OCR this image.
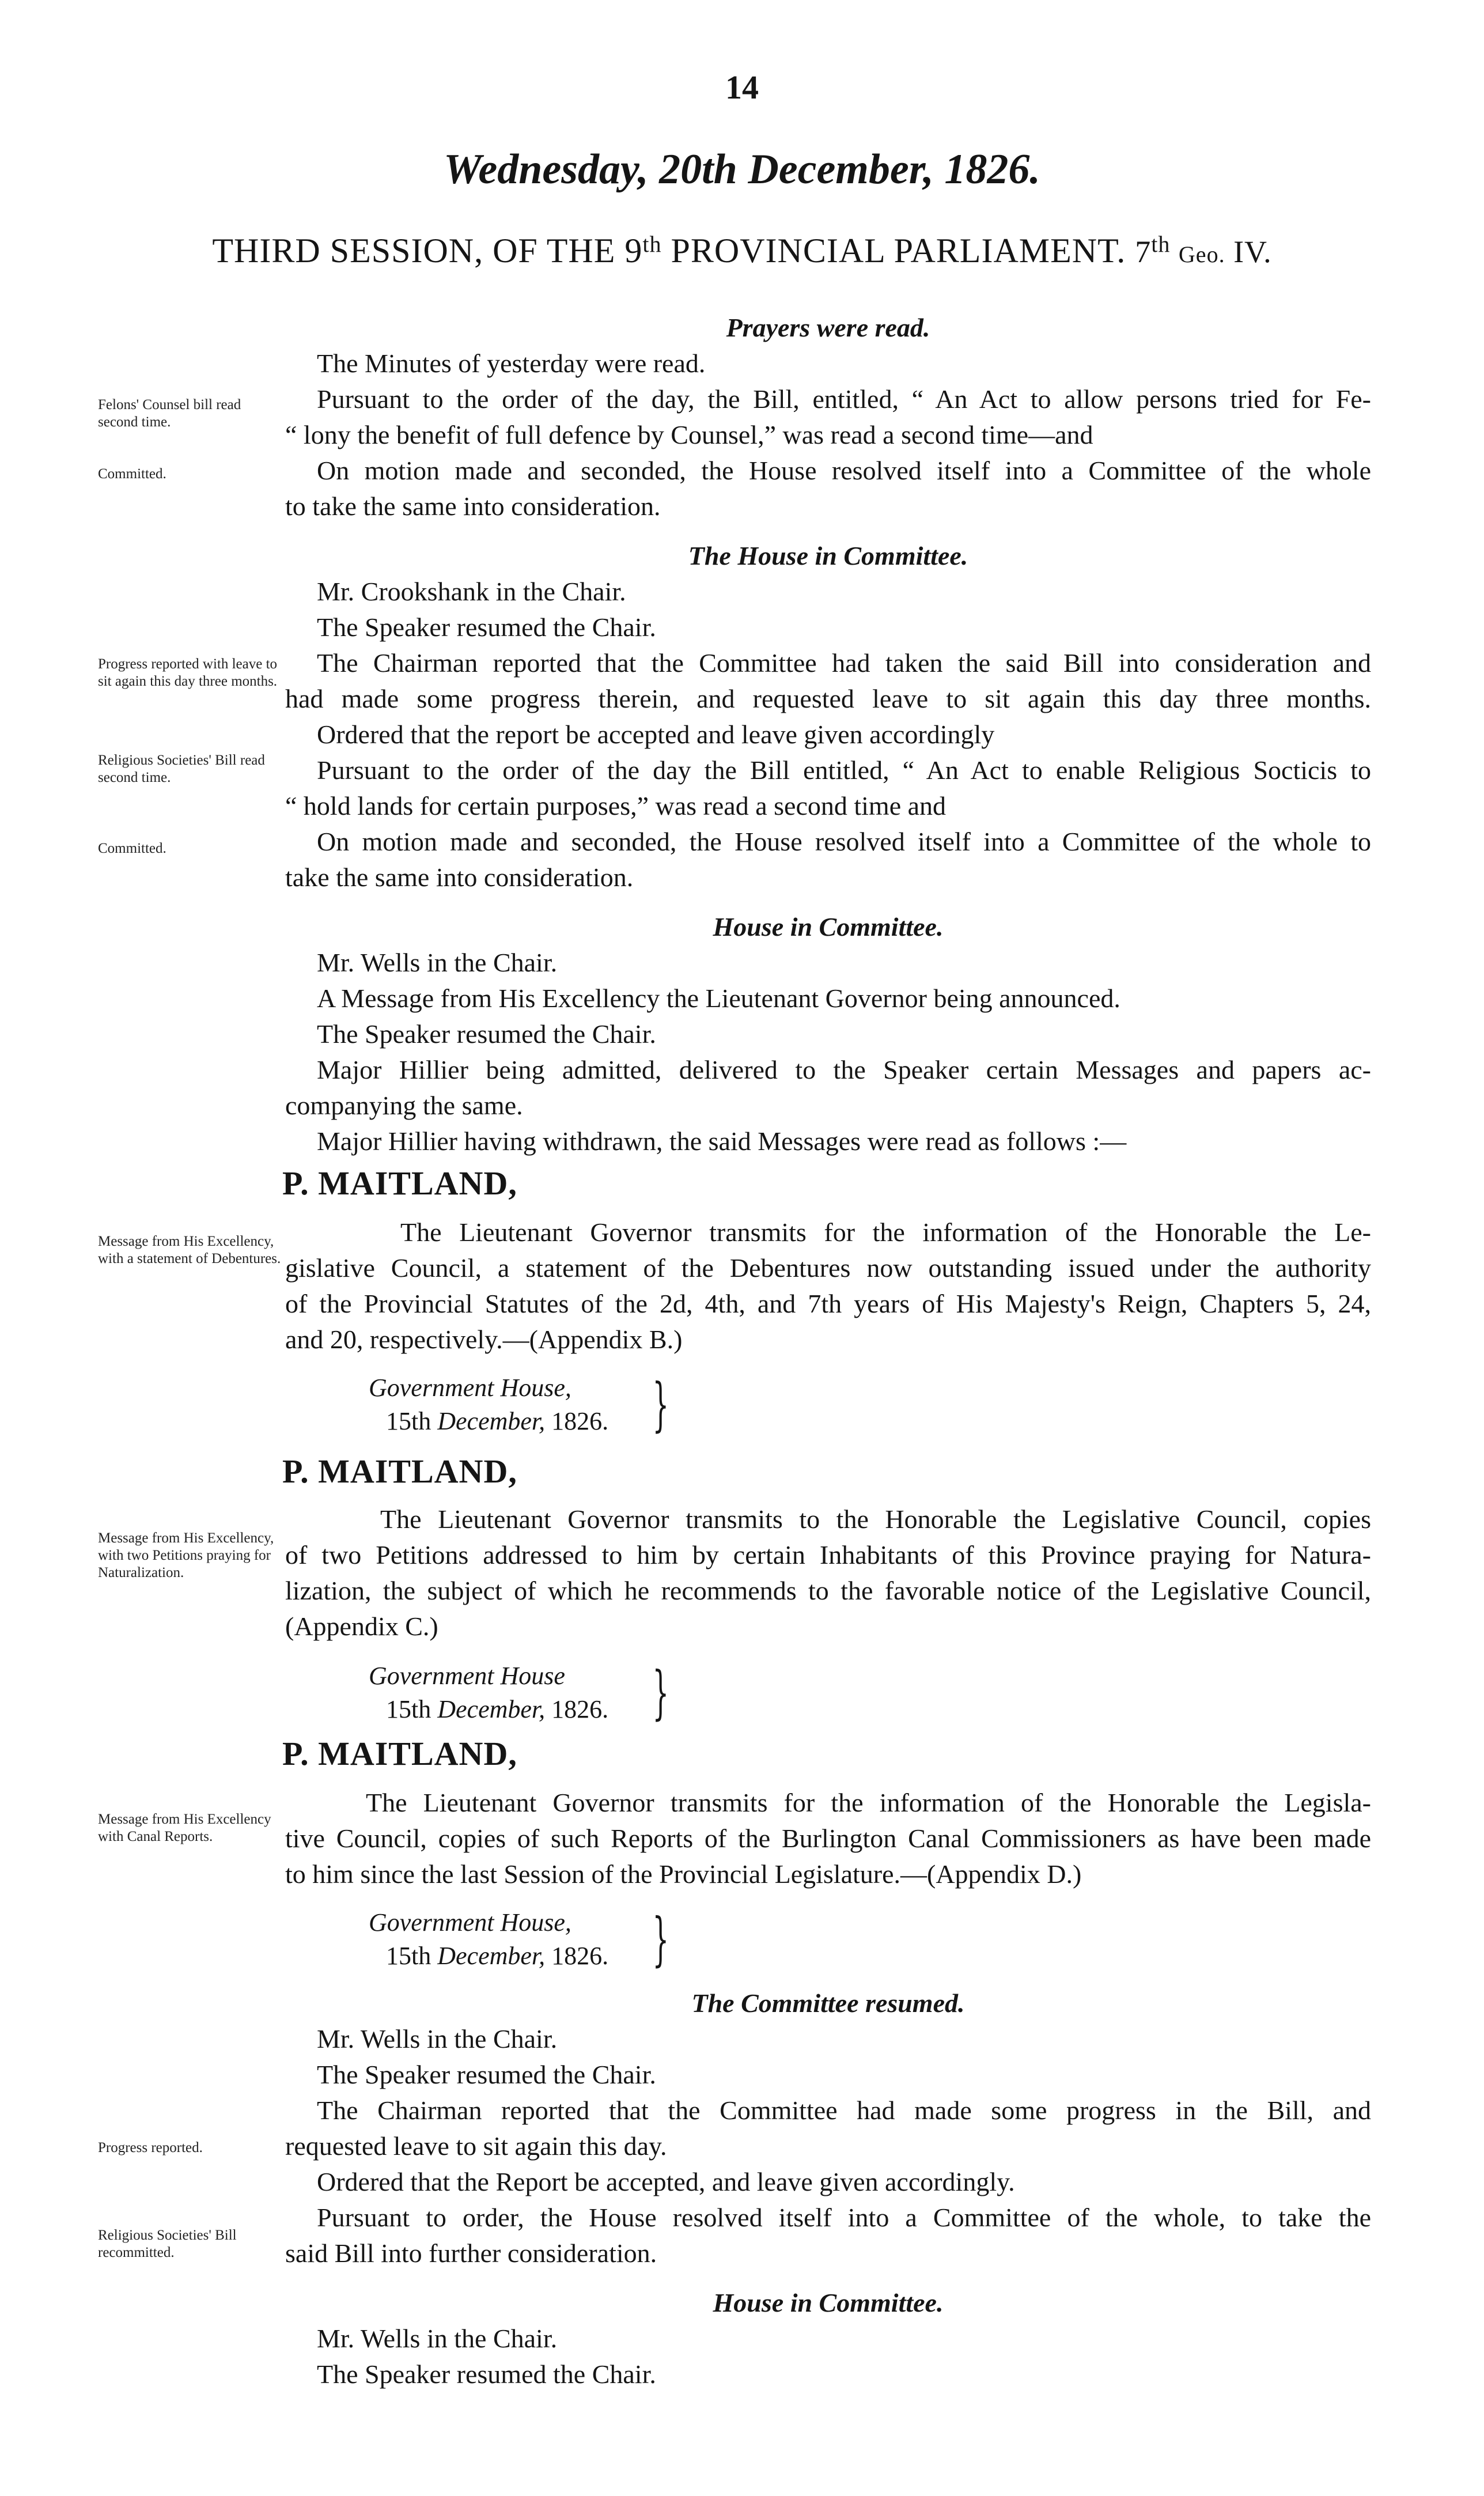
14
Wednesday, 20th December, 1826.
THIRD SESSION, OF THE 9th PROVINCIAL PARLIAMENT. 7th Geo. IV.
Felons' Counsel bill read second time.
Committed.
Progress reported with leave to sit again this day three months.
Religious Societies' Bill read second time.
Committed.
Message from His Excellency, with a statement of Debentures.
Message from His Excellency, with two Petitions praying for Naturalization.
Message from His Excellency with Canal Reports.
Progress reported.
Religious Societies' Bill recommitted.
Prayers were read.
The Minutes of yesterday were read.
Pursuant to the order of the day, the Bill, entitled, “ An Act to allow persons tried for Fe-
“ lony the benefit of full defence by Counsel,” was read a second time—and
On motion made and seconded, the House resolved itself into a Committee of the whole
to take the same into consideration.
The House in Committee.
Mr. Crookshank in the Chair.
The Speaker resumed the Chair.
The Chairman reported that the Committee had taken the said Bill into consideration and
had made some progress therein, and requested leave to sit again this day three months.
Ordered that the report be accepted and leave given accordingly
Pursuant to the order of the day the Bill entitled, “ An Act to enable Religious Socticis to
“ hold lands for certain purposes,” was read a second time and
On motion made and seconded, the House resolved itself into a Committee of the whole to
take the same into consideration.
House in Committee.
Mr. Wells in the Chair.
A Message from His Excellency the Lieutenant Governor being announced.
The Speaker resumed the Chair.
Major Hillier being admitted, delivered to the Speaker certain Messages and papers ac-
companying the same.
Major Hillier having withdrawn, the said Messages were read as follows :—
P. MAITLAND,
The Lieutenant Governor transmits for the information of the Honorable the Le-
gislative Council, a statement of the Debentures now outstanding issued under the authority
of the Provincial Statutes of the 2d, 4th, and 7th years of His Majesty's Reign, Chapters 5, 24,
and 20, respectively.—(Appendix B.)
Government House,
15th December, 1826. }
P. MAITLAND,
The Lieutenant Governor transmits to the Honorable the Legislative Council, copies
of two Petitions addressed to him by certain Inhabitants of this Province praying for Natura-
lization, the subject of which he recommends to the favorable notice of the Legislative Council,
(Appendix C.)
Government House
15th December, 1826. }
P. MAITLAND,
The Lieutenant Governor transmits for the information of the Honorable the Legisla-
tive Council, copies of such Reports of the Burlington Canal Commissioners as have been made
to him since the last Session of the Provincial Legislature.—(Appendix D.)
Government House,
15th December, 1826. }
The Committee resumed.
Mr. Wells in the Chair.
The Speaker resumed the Chair.
The Chairman reported that the Committee had made some progress in the Bill, and
requested leave to sit again this day.
Ordered that the Report be accepted, and leave given accordingly.
Pursuant to order, the House resolved itself into a Committee of the whole, to take the
said Bill into further consideration.
House in Committee.
Mr. Wells in the Chair.
The Speaker resumed the Chair.
